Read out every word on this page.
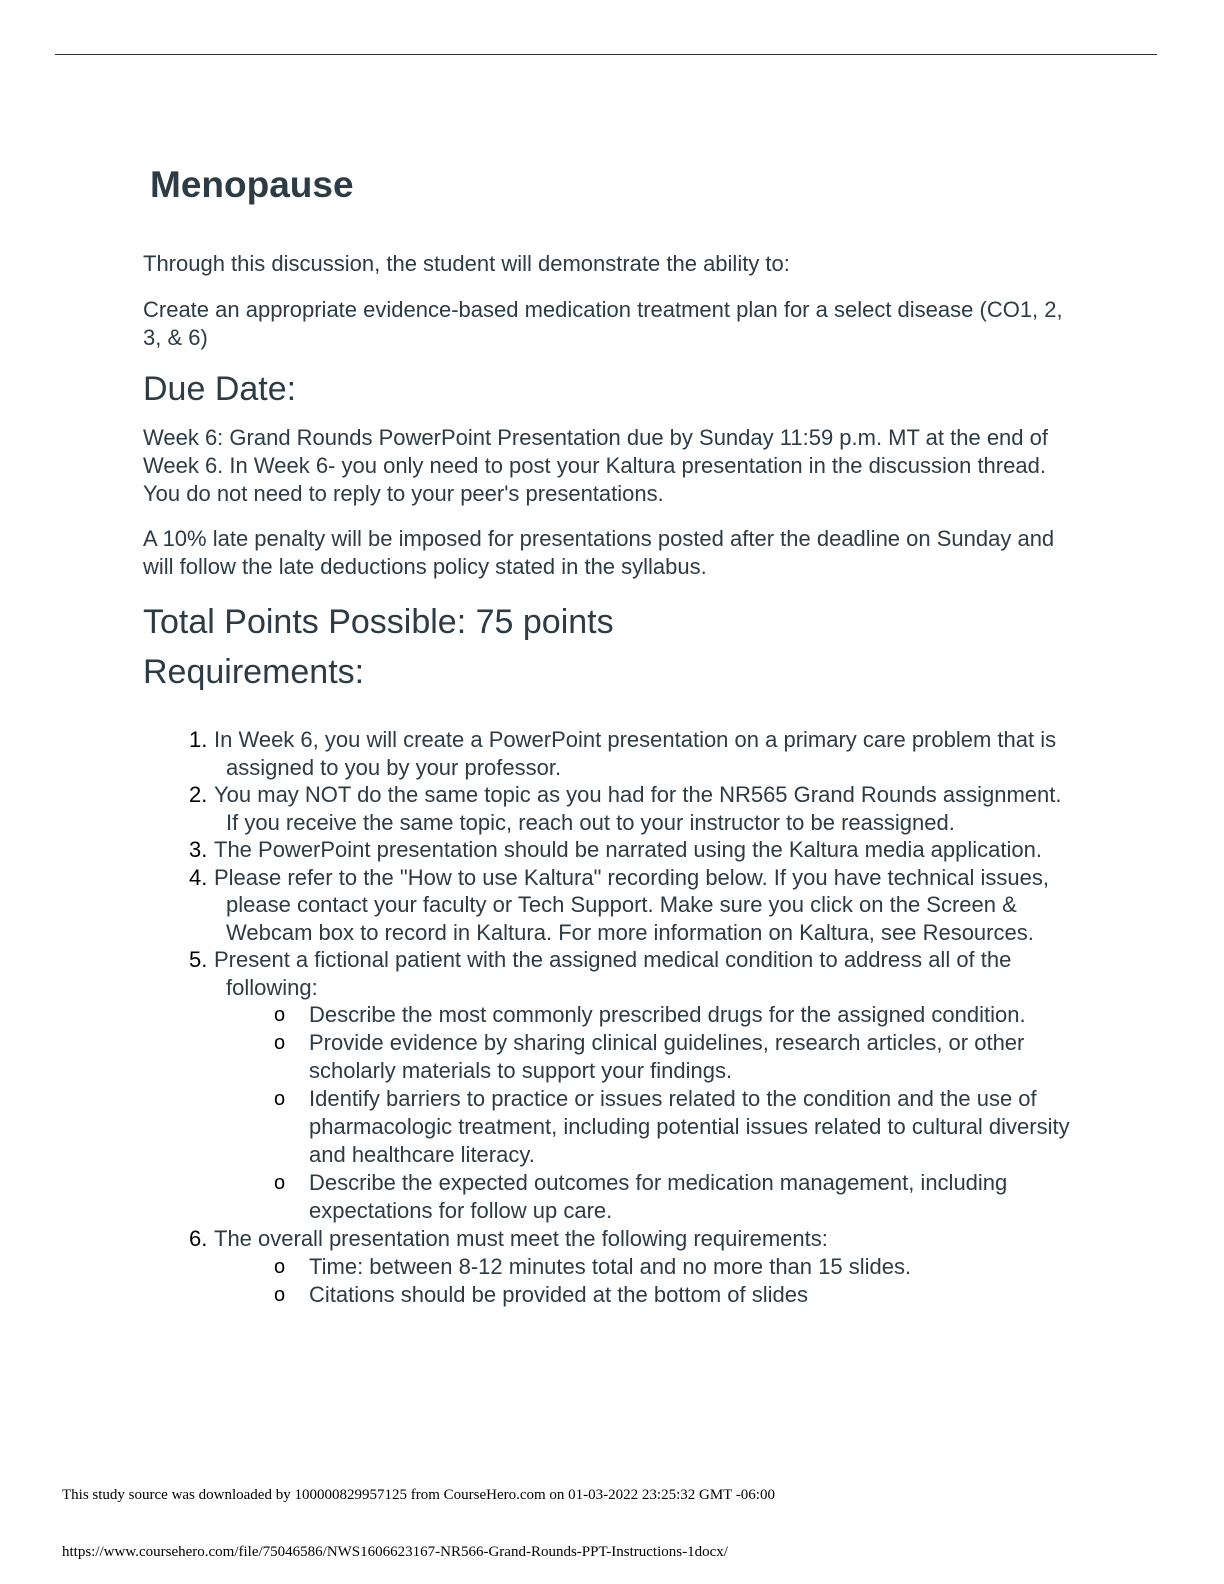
Menopause

Through this discussion, the student will demonstrate the ability to:

Create an appropriate evidence-based medication treatment plan for a select disease (CO1, 2, 3, & 6)

Due Date:

Week 6: Grand Rounds PowerPoint Presentation due by Sunday 11:59 p.m. MT at the end of Week 6. In Week 6- you only need to post your Kaltura presentation in the discussion thread. You do not need to reply to your peer's presentations.

A 10% late penalty will be imposed for presentations posted after the deadline on Sunday and will follow the late deductions policy stated in the syllabus.

Total Points Possible: 75 points
Requirements:
1. In Week 6, you will create a PowerPoint presentation on a primary care problem that is assigned to you by your professor.
2. You may NOT do the same topic as you had for the NR565 Grand Rounds assignment. If you receive the same topic, reach out to your instructor to be reassigned.
3. The PowerPoint presentation should be narrated using the Kaltura media application.
4. Please refer to the "How to use Kaltura" recording below. If you have technical issues, please contact your faculty or Tech Support. Make sure you click on the Screen & Webcam box to record in Kaltura. For more information on Kaltura, see Resources.
5. Present a fictional patient with the assigned medical condition to address all of the following:
o Describe the most commonly prescribed drugs for the assigned condition.
o Provide evidence by sharing clinical guidelines, research articles, or other scholarly materials to support your findings.
o Identify barriers to practice or issues related to the condition and the use of pharmacologic treatment, including potential issues related to cultural diversity and healthcare literacy.
o Describe the expected outcomes for medication management, including expectations for follow up care.
6. The overall presentation must meet the following requirements:
o Time: between 8-12 minutes total and no more than 15 slides.
o Citations should be provided at the bottom of slides
This study source was downloaded by 100000829957125 from CourseHero.com on 01-03-2022 23:25:32 GMT -06:00
https://www.coursehero.com/file/75046586/NWS1606623167-NR566-Grand-Rounds-PPT-Instructions-1docx/
